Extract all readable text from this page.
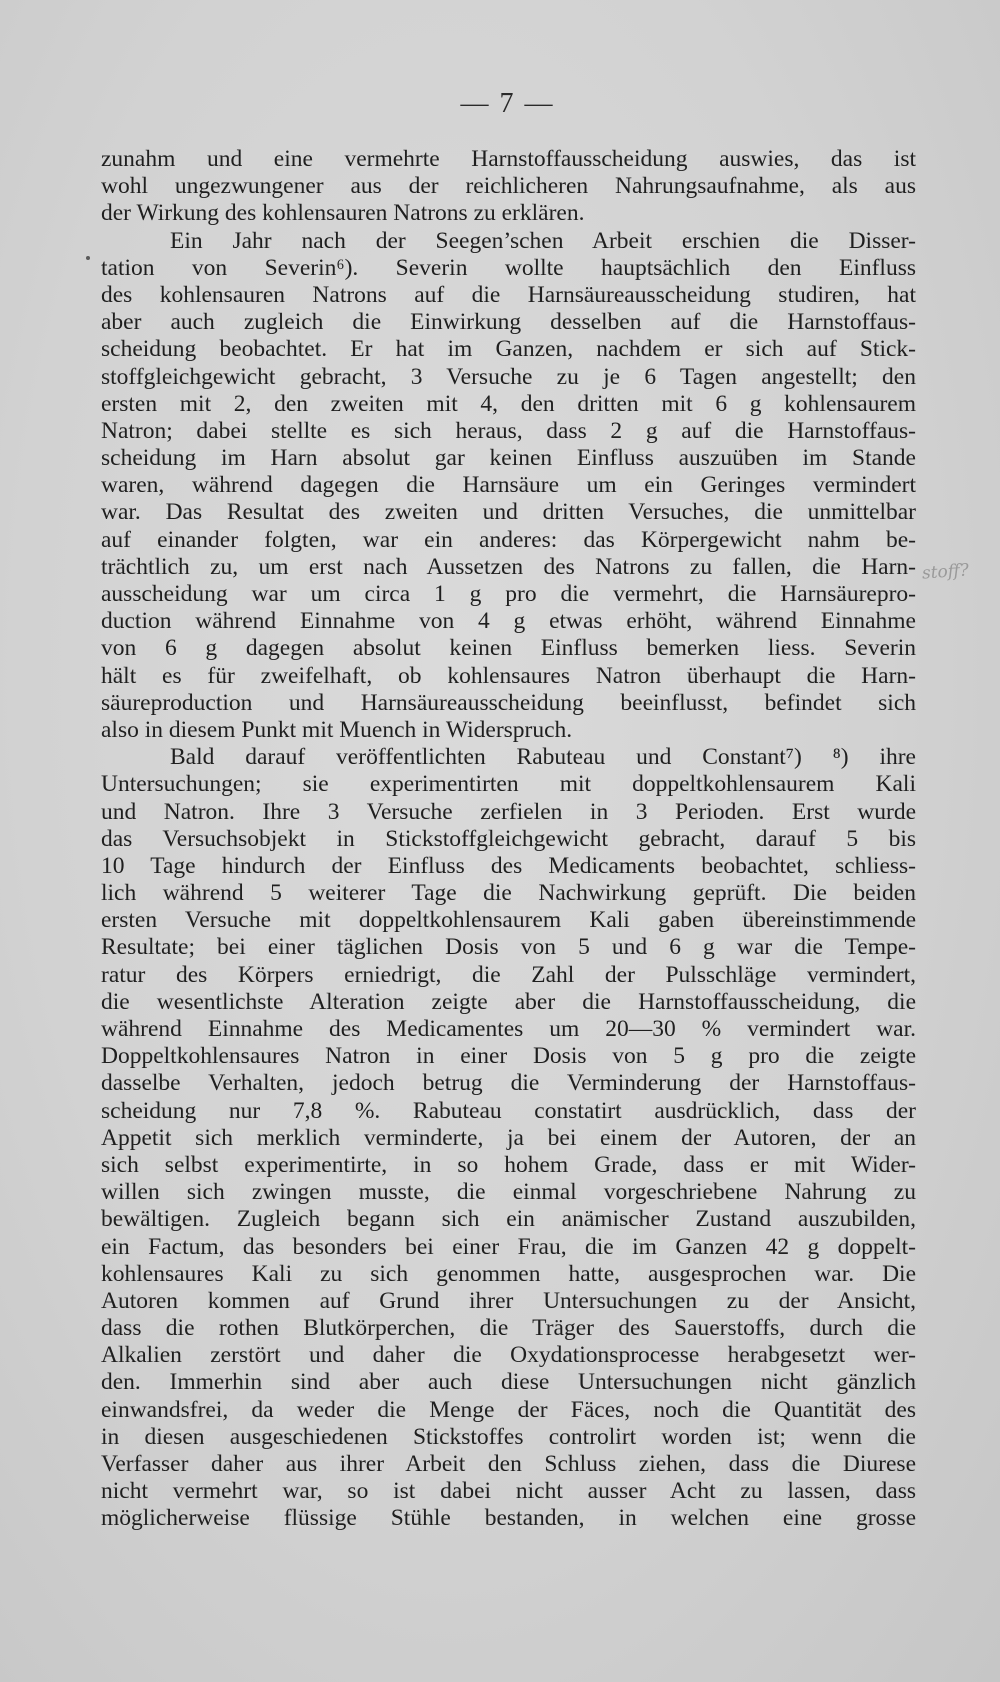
— 7 —
zunahm und eine vermehrte Harnstoffausscheidung auswies, das ist
wohl ungezwungener aus der reichlicheren Nahrungsaufnahme, als aus
der Wirkung des kohlensauren Natrons zu erklären.
Ein Jahr nach der Seegen’schen Arbeit erschien die Disser-
tation von Severin⁶). Severin wollte hauptsächlich den Einfluss
des kohlensauren Natrons auf die Harnsäureausscheidung studiren, hat
aber auch zugleich die Einwirkung desselben auf die Harnstoffaus-
scheidung beobachtet. Er hat im Ganzen, nachdem er sich auf Stick-
stoffgleichgewicht gebracht, 3 Versuche zu je 6 Tagen angestellt; den
ersten mit 2, den zweiten mit 4, den dritten mit 6 g kohlensaurem
Natron; dabei stellte es sich heraus, dass 2 g auf die Harnstoffaus-
scheidung im Harn absolut gar keinen Einfluss auszuüben im Stande
waren, während dagegen die Harnsäure um ein Geringes vermindert
war. Das Resultat des zweiten und dritten Versuches, die unmittelbar
auf einander folgten, war ein anderes: das Körpergewicht nahm be-
trächtlich zu, um erst nach Aussetzen des Natrons zu fallen, die Harn-
ausscheidung war um circa 1 g pro die vermehrt, die Harnsäurepro-
duction während Einnahme von 4 g etwas erhöht, während Einnahme
von 6 g dagegen absolut keinen Einfluss bemerken liess. Severin
hält es für zweifelhaft, ob kohlensaures Natron überhaupt die Harn-
säureproduction und Harnsäureausscheidung beeinflusst, befindet sich
also in diesem Punkt mit Muench in Widerspruch.
Bald darauf veröffentlichten Rabuteau und Constant⁷) ⁸) ihre
Untersuchungen; sie experimentirten mit doppeltkohlensaurem Kali
und Natron. Ihre 3 Versuche zerfielen in 3 Perioden. Erst wurde
das Versuchsobjekt in Stickstoffgleichgewicht gebracht, darauf 5 bis
10 Tage hindurch der Einfluss des Medicaments beobachtet, schliess-
lich während 5 weiterer Tage die Nachwirkung geprüft. Die beiden
ersten Versuche mit doppeltkohlensaurem Kali gaben übereinstimmende
Resultate; bei einer täglichen Dosis von 5 und 6 g war die Tempe-
ratur des Körpers erniedrigt, die Zahl der Pulsschläge vermindert,
die wesentlichste Alteration zeigte aber die Harnstoffausscheidung, die
während Einnahme des Medicamentes um 20—30 % vermindert war.
Doppeltkohlensaures Natron in einer Dosis von 5 g pro die zeigte
dasselbe Verhalten, jedoch betrug die Verminderung der Harnstoffaus-
scheidung nur 7,8 %. Rabuteau constatirt ausdrücklich, dass der
Appetit sich merklich verminderte, ja bei einem der Autoren, der an
sich selbst experimentirte, in so hohem Grade, dass er mit Wider-
willen sich zwingen musste, die einmal vorgeschriebene Nahrung zu
bewältigen. Zugleich begann sich ein anämischer Zustand auszubilden,
ein Factum, das besonders bei einer Frau, die im Ganzen 42 g doppelt-
kohlensaures Kali zu sich genommen hatte, ausgesprochen war. Die
Autoren kommen auf Grund ihrer Untersuchungen zu der Ansicht,
dass die rothen Blutkörperchen, die Träger des Sauerstoffs, durch die
Alkalien zerstört und daher die Oxydationsprocesse herabgesetzt wer-
den. Immerhin sind aber auch diese Untersuchungen nicht gänzlich
einwandsfrei, da weder die Menge der Fäces, noch die Quantität des
in diesen ausgeschiedenen Stickstoffes controlirt worden ist; wenn die
Verfasser daher aus ihrer Arbeit den Schluss ziehen, dass die Diurese
nicht vermehrt war, so ist dabei nicht ausser Acht zu lassen, dass
möglicherweise flüssige Stühle bestanden, in welchen eine grosse
stoff?
